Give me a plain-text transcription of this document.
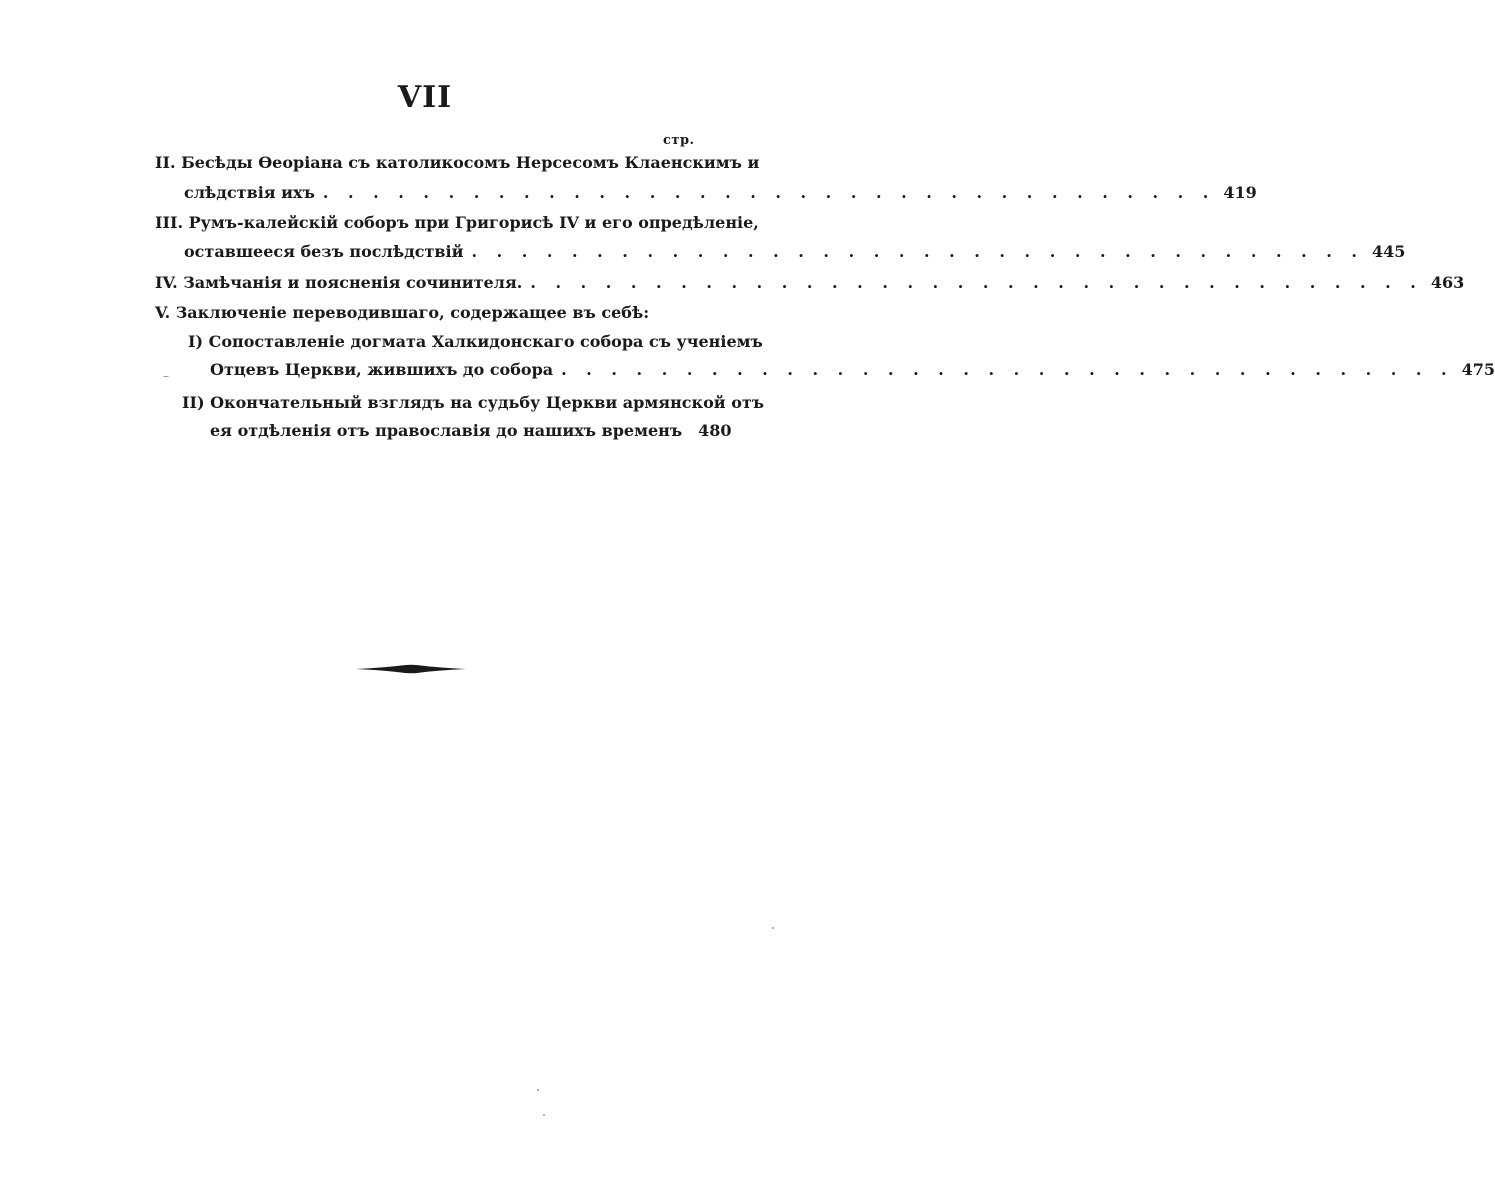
VII
стр.
II. Бесѣды Ѳеоріана съ католикосомъ Нерсесомъ Клаенскимъ и
слѣдствія ихъ . . . . . . . . . . . . . . . . . . . . . . . . . . . . . . . . . . . . 419
III. Румъ-калейскій соборъ при Григорисѣ IV и его опредѣленіе,
оставшееся безъ послѣдствій . . . . . . . . . . . . . . . . . . . . . . . . . . . . . . . . . . . . 445
IV. Замѣчанія и поясненія сочинителя. . . . . . . . . . . . . . . . . . . . . . . . . . . . . . . . . . . . . 463
V. Заключеніе переводившаго, содержащее въ себѣ:
I) Сопоставленіе догмата Халкидонскаго собора съ ученіемъ
Отцевъ Церкви, жившихъ до собора . . . . . . . . . . . . . . . . . . . . . . . . . . . . . . . . . . . . 475
II) Окончательный взглядъ на судьбу Церкви армянской отъ
ея отдѣленія отъ православія до нашихъ временъ 480
